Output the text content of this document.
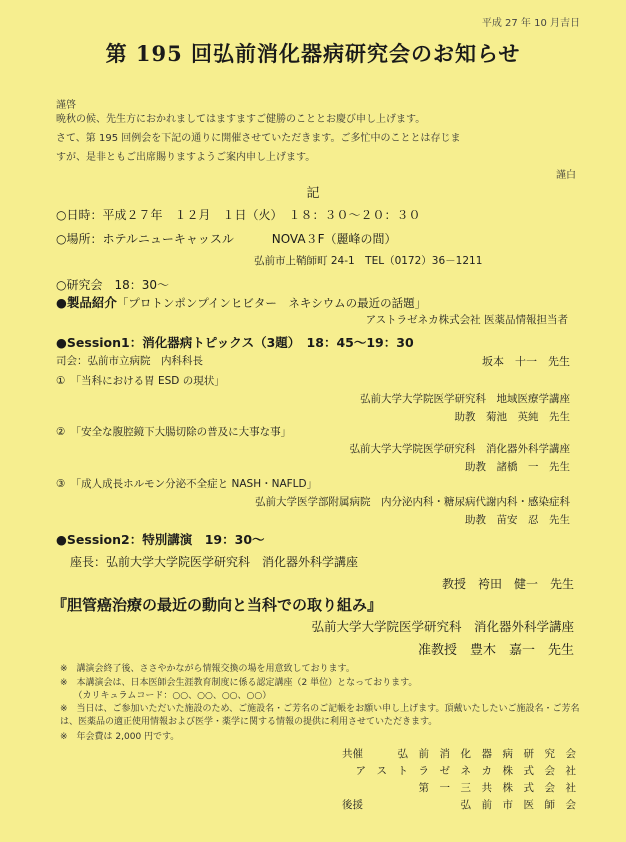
平成 27 年 10 月吉日
第 195 回弘前消化器病研究会のお知らせ
謹啓
晩秋の候、先生方におかれましてはますますご健勝のこととお慶び申し上げます。
さて、第 195 回例会を下記の通りに開催させていただきます。ご多忙中のこととは存じま
すが、是非ともご出席賜りますようご案内申し上げます。
謹白
記
○日時：平成２７年　１２月　１日（火）　１８：３０～２０：３０
○場所：ホテルニューキャッスル	NOVA３F（麗峰の間）
弘前市上鞘師町 24-1　TEL（0172）36－1211
○研究会　18：30～
●製品紹介「プロトンポンプインヒビター　ネキシウムの最近の話題」
アストラゼネカ株式会社 医薬品情報担当者
●Session1：消化器病トピックス（3題）　18：45～19：30
司会：弘前市立病院　内科科長	坂本　十一　先生
①　「当科における胃 ESD の現状」
弘前大学大学院医学研究科　地域医療学講座
助教　菊池　英純　先生
②　「安全な腹腔鏡下大腸切除の普及に大事な事」
弘前大学大学院医学研究科　消化器外科学講座
助教　諸橋　一　先生
③　「成人成長ホルモン分泌不全症と NASH・NAFLD」
弘前大学医学部附属病院　内分泌内科・糖尿病代謝内科・感染症科
助教　苗安　忍　先生
●Session2：特別講演　19：30～
座長：弘前大学大学院医学研究科　消化器外科学講座
教授　袴田　健一　先生
『胆管癌治療の最近の動向と当科での取り組み』
弘前大学大学院医学研究科　消化器外科学講座
准教授　豊木　嘉一　先生
※　講演会終了後、ささやかながら情報交換の場を用意致しております。
※　本講演会は、日本医師会生涯教育制度に係る認定講座（2 単位）となっております。
　　（カリキュラムコード：○○、○○、○○、○○）
※　当日は、ご参加いただいた施設のため、ご施設名・ご芳名のご記帳をお願い申し上げます。頂戴いたしたいご施設名・ご芳名は、医薬品の適正使用情報および医学・薬学に関する情報の提供に利用させていただきます。
※　年会費は 2,000 円です。
共催	弘　前　消　化　器　病　研　究　会
ア　ス　ト　ラ　ゼ　ネ　カ　株　式　会　社
第　一　三　共　株　式　会　社
後援	弘　前　市　医　師　会
